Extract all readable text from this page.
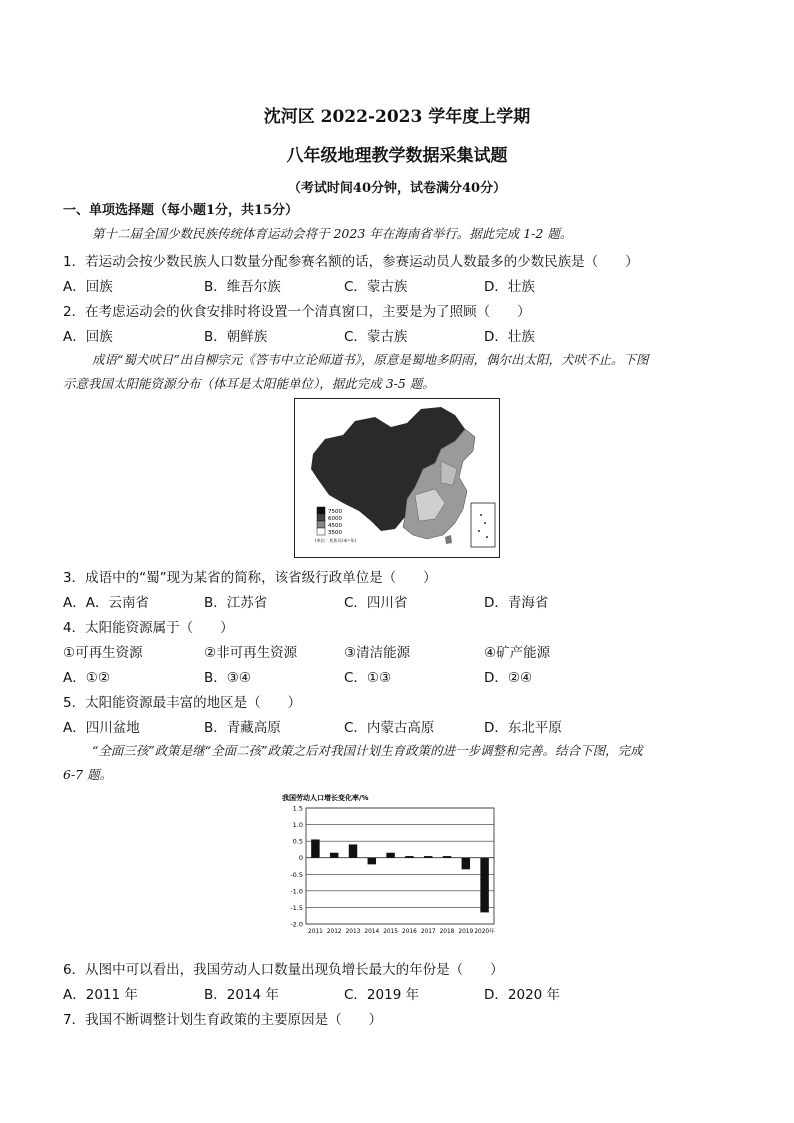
沈河区 2022-2023 学年度上学期
八年级地理教学数据采集试题
（考试时间40分钟，试卷满分40分）
一、单项选择题（每小题1分，共15分）
第十二届全国少数民族传统体育运动会将于 2023 年在海南省举行。据此完成 1-2 题。
1．若运动会按少数民族人口数量分配参赛名额的话，参赛运动员人数最多的少数民族是（　　）
A．回族	B．维吾尔族	C．蒙古族	D．壮族
2．在考虑运动会的伙食安排时将设置一个清真窗口，主要是为了照顾（　　）
A．回族	B．朝鲜族	C．蒙古族	D．壮族
成语“蜀犬吠日”出自柳宗元《答韦中立论师道书》，原意是蜀地多阴雨，偶尔出太阳，犬吠不止。下图
示意我国太阳能资源分布（体耳是太阳能单位），据此完成 3-5 题。
7500
6000
4500
3500
(单位：兆焦耳/米²·年)
3．成语中的“蜀”现为某省的简称，该省级行政单位是（　　）
A．A．云南省	B．江苏省	C．四川省	D．青海省
4．太阳能资源属于（　　）
①可再生资源	②非可再生资源	③清洁能源	④矿产能源
A．①②	B．③④	C．①③	D．②④
5．太阳能资源最丰富的地区是（　　）
A．四川盆地	B．青藏高原	C．内蒙古高原	D．东北平原
“全面三孩”政策是继“全面二孩”政策之后对我国计划生育政策的进一步调整和完善。结合下图，完成
6-7 题。
我国劳动人口增长变化率/%
1.5
1.0
0.5
0
-0.5
-1.0
-1.5
-2.0
2011 2012 2013 2014 2015 2016 2017 2018 2019 2020年
6．从图中可以看出，我国劳动人口数量出现负增长最大的年份是（　　）
A．2011 年	B．2014 年	C．2019 年	D．2020 年
7．我国不断调整计划生育政策的主要原因是（　　）
